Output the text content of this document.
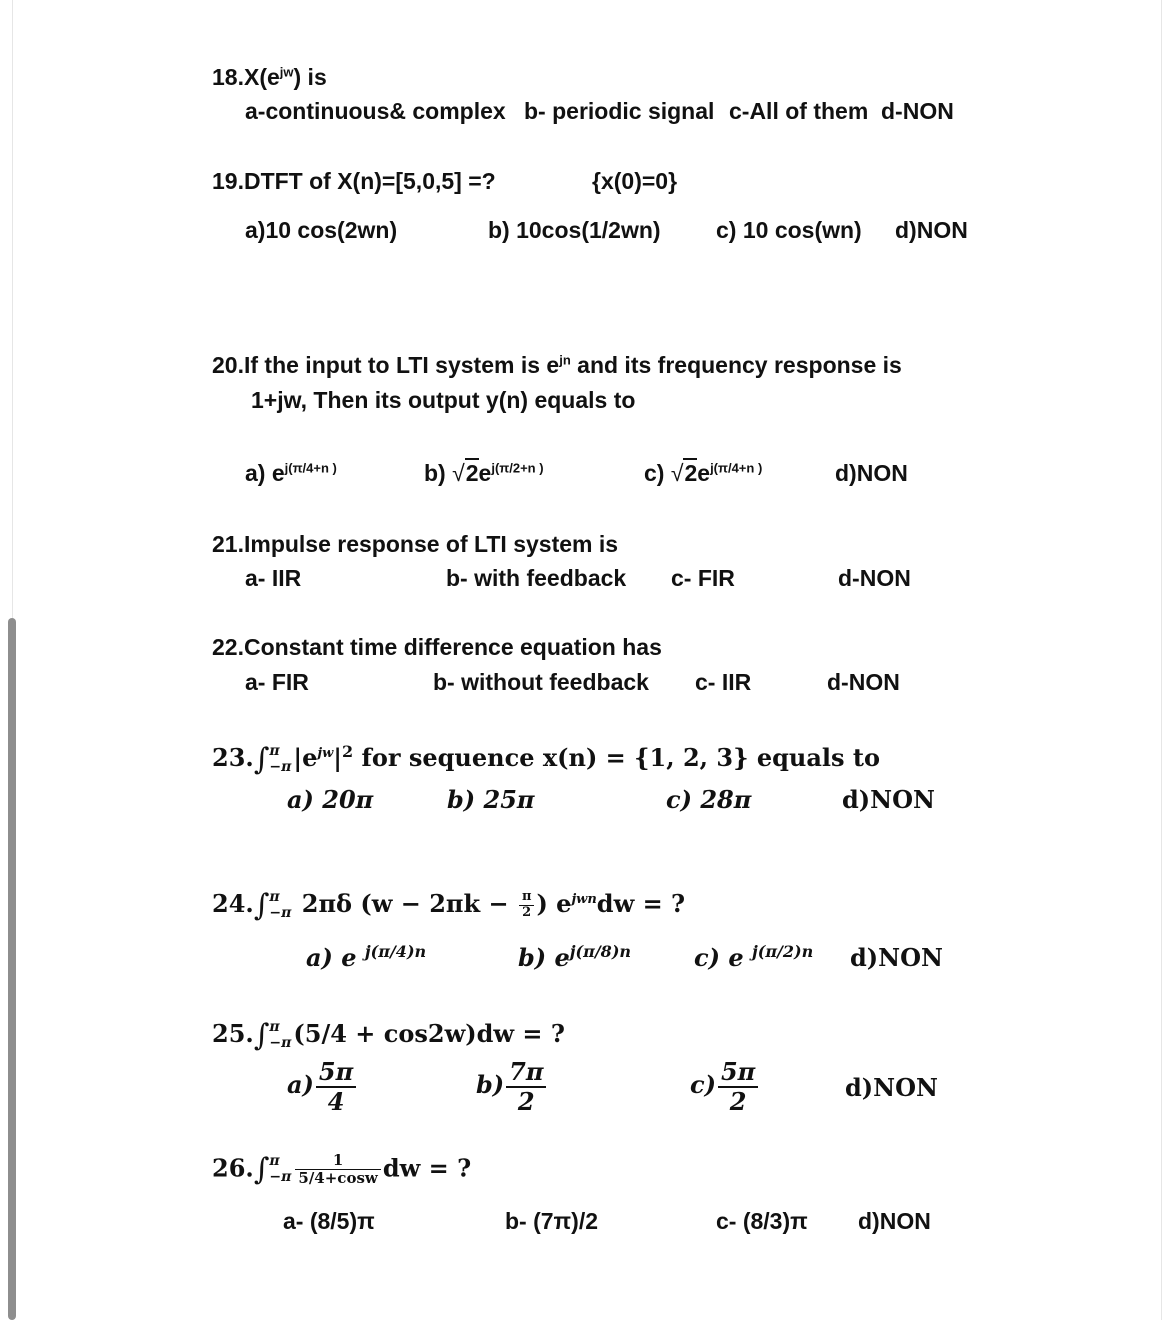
$18.X(e^{jw})$ is
a-continuous& complex b- periodic signal c-All of them d-NON
19.DTFT of X(n)=[5,0,5] =?	{x(0)=0}
a)10 cos(2wn)	b) 10cos(1/2wn) c) 10 cos(wn) d)NON
20.If the input to LTI system is $e^{jn}$ and its frequency response is
1+jw, Then its output y(n) equals to
a) $e^{j(\pi/4+n )}$	b) $√2e^{j(\pi/2+n )}$	c) $√2e^{j(\pi/4+n )}$	d)NON
21.Impulse response of LTI system is
a- IIR	b- with feedback c- FIR	d-NON
22.Constant time difference equation has
a- FIR	b- without feedback c- IIR	d-NON
23.∫ π
−π $|e^{jw}|^2$ for sequence x(n) = {1, 2, 3} equals to
a) 20π	b) 25π	c) 28π	d)NON
24.∫ π
−π 2πδ ($w - 2\pi k - \frac{\pi}{2}$ ) $e^{jwn}dw$ = ?
a) e $^{j(\pi/4)n}$	b) $e^{j(\pi/8)n}$	c) e $^{j(\pi/2)n}$ d)NON
25.∫ π
−π (5/4 + cos2w)dw = ?
$a) \frac{5\pi}{4}$	$b) \frac{7\pi}{2}$	$c) \frac{5\pi}{2}$	d)NON
26.∫ π
$-\pi \frac{1}{5/4+\cos w}$ dw = ?
a- (8/5)π	b- (7π)/2	c- (8/3)π d)NON
